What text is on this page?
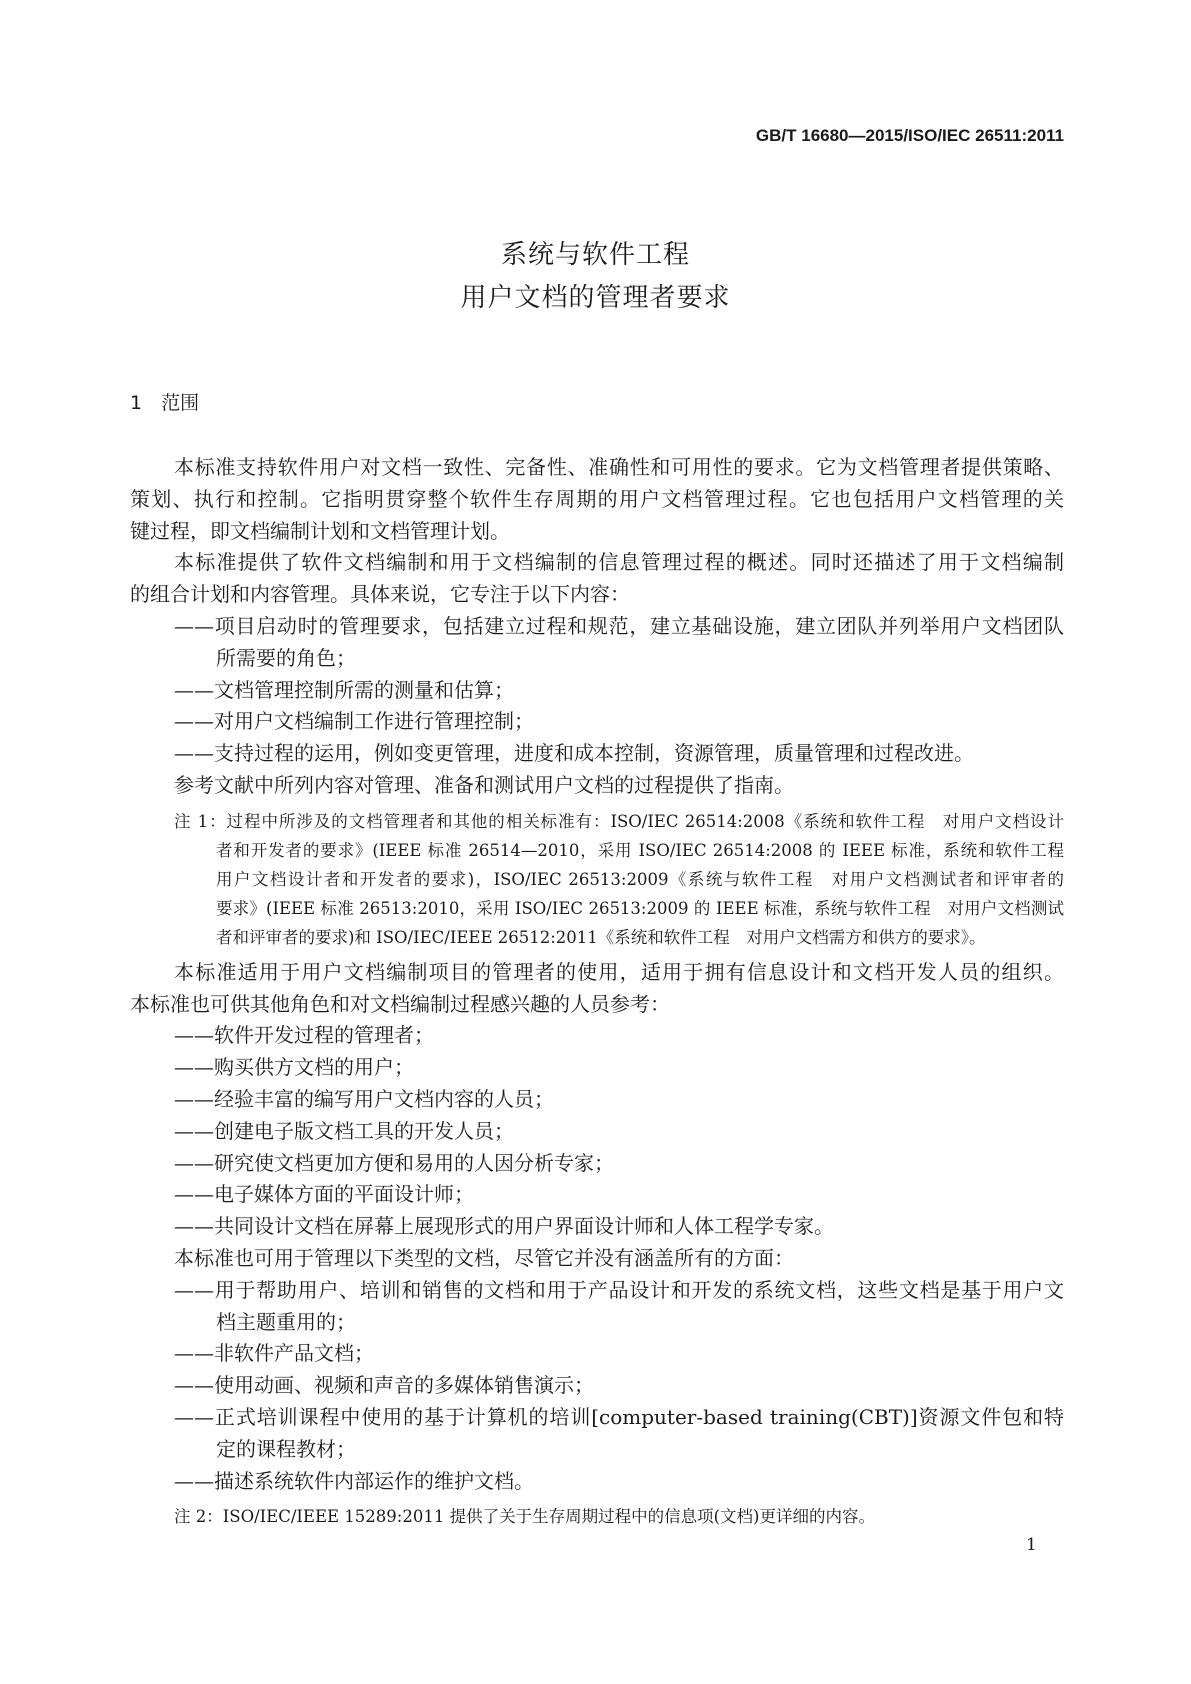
GB/T 16680—2015/ISO/IEC 26511:2011
系统与软件工程
用户文档的管理者要求
1　范围
本标准支持软件用户对文档一致性、完备性、准确性和可用性的要求。它为文档管理者提供策略、
策划、执行和控制。它指明贯穿整个软件生存周期的用户文档管理过程。它也包括用户文档管理的关
键过程，即文档编制计划和文档管理计划。
本标准提供了软件文档编制和用于文档编制的信息管理过程的概述。同时还描述了用于文档编制
的组合计划和内容管理。具体来说，它专注于以下内容：
——项目启动时的管理要求，包括建立过程和规范，建立基础设施，建立团队并列举用户文档团队
所需要的角色；
——文档管理控制所需的测量和估算；
——对用户文档编制工作进行管理控制；
——支持过程的运用，例如变更管理，进度和成本控制，资源管理，质量管理和过程改进。
参考文献中所列内容对管理、准备和测试用户文档的过程提供了指南。
注 1：过程中所涉及的文档管理者和其他的相关标准有：ISO/IEC 26514:2008《系统和软件工程　对用户文档设计
者和开发者的要求》(IEEE 标准 26514—2010，采用 ISO/IEC 26514:2008 的 IEEE 标准，系统和软件工程　
用户文档设计者和开发者的要求)，ISO/IEC 26513:2009《系统与软件工程　对用户文档测试者和评审者的
要求》(IEEE 标准 26513:2010，采用 ISO/IEC 26513:2009 的 IEEE 标准，系统与软件工程　对用户文档测试
者和评审者的要求)和 ISO/IEC/IEEE 26512:2011《系统和软件工程　对用户文档需方和供方的要求》。
本标准适用于用户文档编制项目的管理者的使用，适用于拥有信息设计和文档开发人员的组织。
本标准也可供其他角色和对文档编制过程感兴趣的人员参考：
——软件开发过程的管理者；
——购买供方文档的用户；
——经验丰富的编写用户文档内容的人员；
——创建电子版文档工具的开发人员；
——研究使文档更加方便和易用的人因分析专家；
——电子媒体方面的平面设计师；
——共同设计文档在屏幕上展现形式的用户界面设计师和人体工程学专家。
本标准也可用于管理以下类型的文档，尽管它并没有涵盖所有的方面：
——用于帮助用户、培训和销售的文档和用于产品设计和开发的系统文档，这些文档是基于用户文
档主题重用的；
——非软件产品文档；
——使用动画、视频和声音的多媒体销售演示；
——正式培训课程中使用的基于计算机的培训[computer-based training(CBT)]资源文件包和特
定的课程教材；
——描述系统软件内部运作的维护文档。
注 2：ISO/IEC/IEEE 15289:2011 提供了关于生存周期过程中的信息项(文档)更详细的内容。
1
